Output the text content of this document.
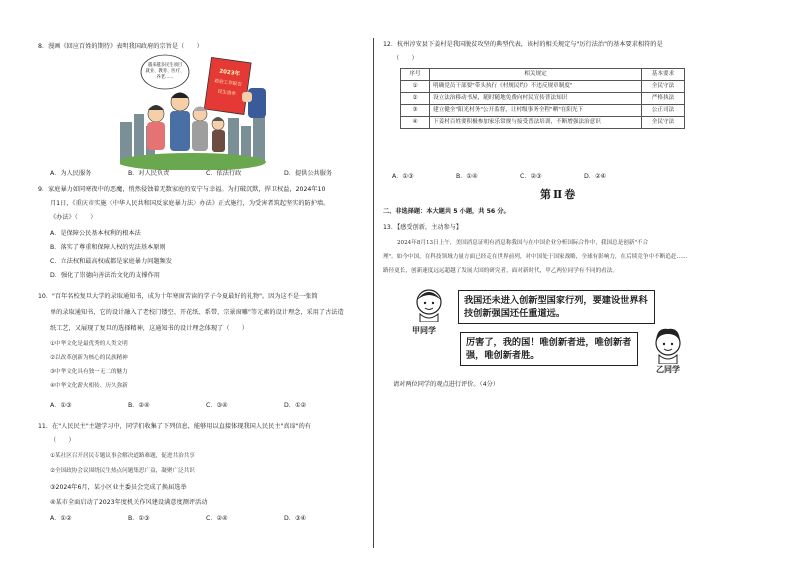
8．漫画《回应百姓的期待》表明我国政府的宗旨是（　　）
越来越多民生项目
就业、教育、医疗、
养老……	2023年
政府工作报告
民生清单
A．为人民服务	B．对人民负责	C．依法行政	D．提供公共服务
9．家庭暴力如同寒夜中的恶魔，悄然侵蚀着无数家庭的安宁与幸福。为打破沉默，捍卫权益，2024年10
月1日，《重庆市实施〈中华人民共和国反家庭暴力法〉办法》正式施行，为受害者筑起坚实的防护墙。
《办法》（　　）
A．是保障公民基本权利的根本法
B．落实了尊重和保障人权的宪法基本原则
C．立法权和最高权威都是家庭暴力问题频发
D．强化了崇德向善法治文化的支撑作用
10．"百年名校复旦大学的录取通知书，成为十年寒窗苦读的学子今夏最好的礼物"。因为这不是一张简
单的录取通知书，它的设计融入了老校门镂空、开花纸、系带、宗景窗雕"等元素的设计理念，采用了古法造
纸工艺，又展现了复旦的选择精神，这通知书的设计理念体现了（　　）
①中华文化是最优秀的人类文明
②以改革创新为核心的民族精神
③中华文化具有独一无二的魅力
④中华文化薪火相传、历久弥新
A．①③	B．②④	C．③④	D．①②
11．在"人民民主"主题学习中，同学们收集了下列信息，能够用以直接体现我国人民民主"真谛"的有
（　　）
①某社区召开居民专题议事会解决道路难题，促进共治共享
②全国政协会议围绕民生热点问题集思广益，凝聚广泛共识
③2024年6月，某小区业主委员会完成了换届选举
④某市全面启动了2023年度机关作风建设满意度测评活动
A．①②	B．①③	C．②④	D．③④
12．杭州淳安县下姜村是我国脱贫攻坚的典型代表，该村的相关规定与"厉行法治"的基本要求相符的是
（　　）
序号	相关规定	基本要求
①	明确党员干部要"带头执行《村规民约》不违反规章制度"	全民守法
②	设立法治移动书屋，随时随地免费向村民宣传普法知识	严格执法
③	建立健全"阳光村务"公开监督，让村级事务全程"晒"在阳光下	公正司法
④	下姜村百姓要积极参加家乐常规与接受普法培训，不断增强法治意识	全民守法
A．①③	B．①④	C．②③	D．②④
第Ⅱ卷
二、非选择题：本大题共 5 小题，共 56 分。
13．【感受创新，主动参与】
2024年8月13日上午，美国消息证明有消息称我国与在中国企业分析国际合作中，我国总是创新"不合
理"。如今中国，在科技领域力量方面已经走在世界前列，对中国处于国家战略，全球有影响力，在后续竞争中不断追赶……
路径更长，创新速度远远超越了发展大国的研究者，面对新时代，甲乙两位同学有不同的看法。
甲同学
我国还未进入创新型国家行列，要建设世界科技创新强国还任重道远。
厉害了，我的国！唯创新者进，唯创新者强，唯创新者胜。
乙同学
请对两位同学的观点进行评价。（4分）
